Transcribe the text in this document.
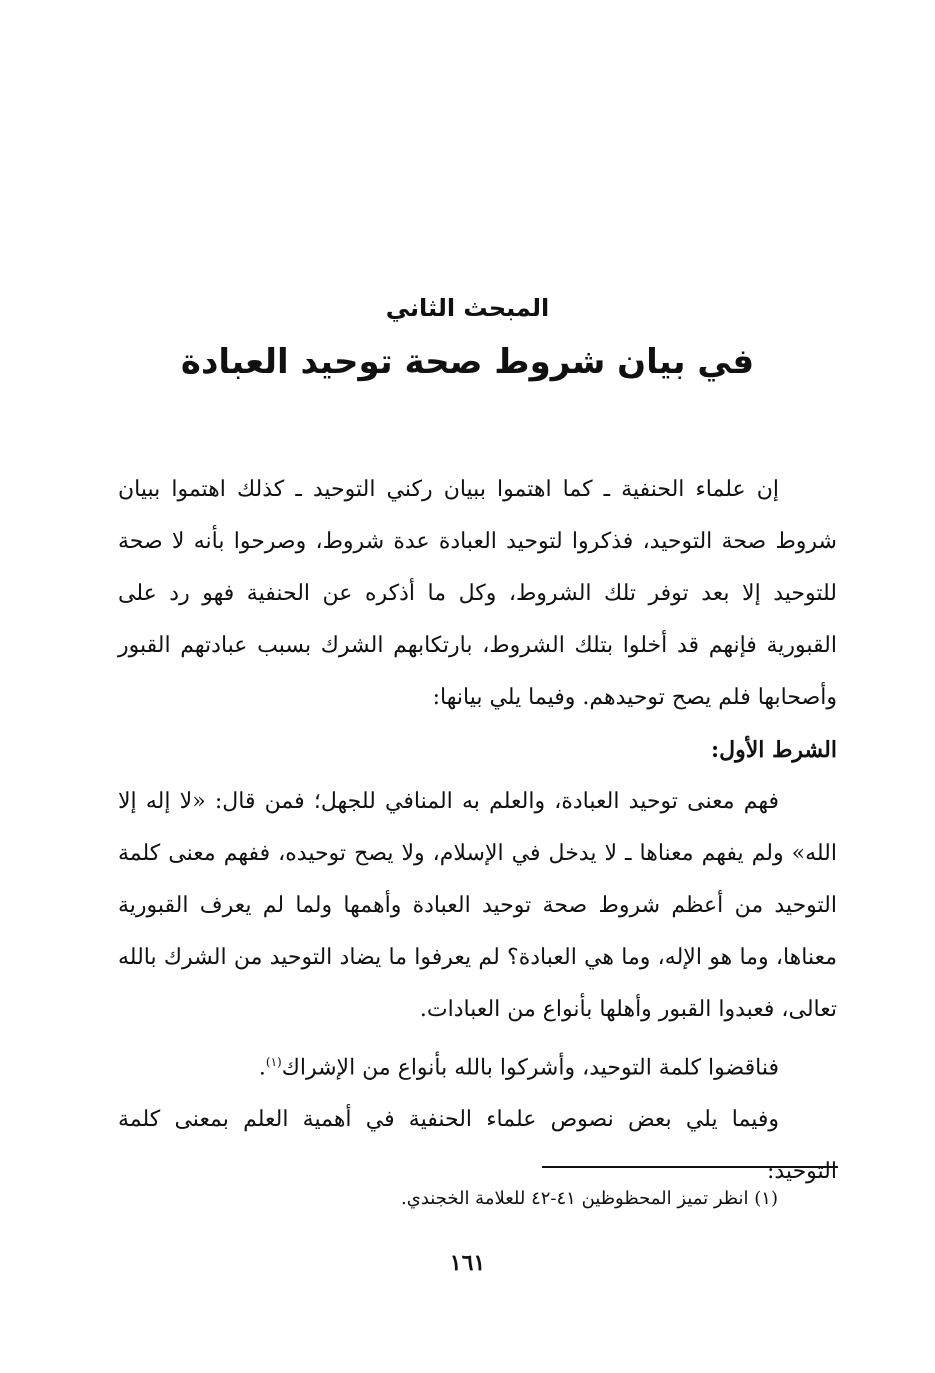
المبحث الثاني

في بيان شروط صحة توحيد العبادة

إن علماء الحنفية ـ كما اهتموا ببيان ركني التوحيد ـ كذلك اهتموا ببيان شروط صحة التوحيد، فذكروا لتوحيد العبادة عدة شروط، وصرحوا بأنه لا صحة للتوحيد إلا بعد توفر تلك الشروط، وكل ما أذكره عن الحنفية فهو رد على القبورية فإنهم قد أخلوا بتلك الشروط، بارتكابهم الشرك بسبب عبادتهم القبور وأصحابها فلم يصح توحيدهم. وفيما يلي بيانها:

الشرط الأول:

فهم معنى توحيد العبادة، والعلم به المنافي للجهل؛ فمن قال: «لا إله إلا الله» ولم يفهم معناها ـ لا يدخل في الإسلام، ولا يصح توحيده، ففهم معنى كلمة التوحيد من أعظم شروط صحة توحيد العبادة وأهمها ولما لم يعرف القبورية معناها، وما هو الإله، وما هي العبادة؟ لم يعرفوا ما يضاد التوحيد من الشرك بالله تعالى، فعبدوا القبور وأهلها بأنواع من العبادات.

فناقضوا كلمة التوحيد، وأشركوا بالله بأنواع من الإشراك$^{(١)}$.

وفيما يلي بعض نصوص علماء الحنفية في أهمية العلم بمعنى كلمة التوحيد:

(١) انظر تميز المحظوظين ٤١-٤٢ للعلامة الخجندي.
١٦١
